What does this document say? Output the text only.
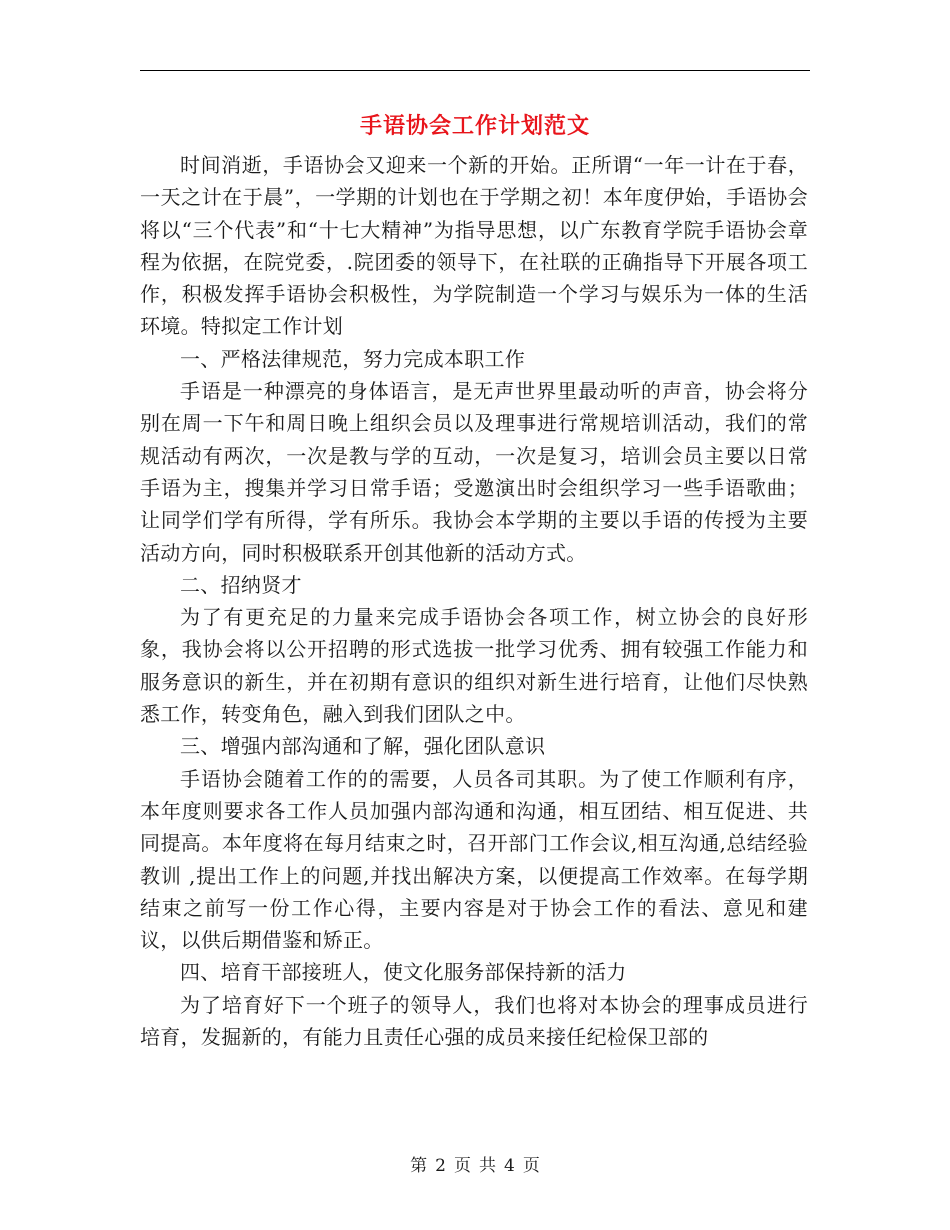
手语协会工作计划范文

时间消逝，手语协会又迎来一个新的开始。正所谓“一年一计在于春，一天之计在于晨”，一学期的计划也在于学期之初！本年度伊始，手语协会将以“三个代表”和“十七大精神”为指导思想，以广东教育学院手语协会章程为依据，在院党委，.院团委的领导下，在社联的正确指导下开展各项工作，积极发挥手语协会积极性，为学院制造一个学习与娱乐为一体的生活环境。特拟定工作计划

一、严格法律规范，努力完成本职工作

手语是一种漂亮的身体语言，是无声世界里最动听的声音，协会将分别在周一下午和周日晚上组织会员以及理事进行常规培训活动，我们的常规活动有两次，一次是教与学的互动，一次是复习，培训会员主要以日常手语为主，搜集并学习日常手语；受邀演出时会组织学习一些手语歌曲；让同学们学有所得，学有所乐。我协会本学期的主要以手语的传授为主要活动方向，同时积极联系开创其他新的活动方式。

二、招纳贤才

为了有更充足的力量来完成手语协会各项工作，树立协会的良好形象，我协会将以公开招聘的形式选拔一批学习优秀、拥有较强工作能力和服务意识的新生，并在初期有意识的组织对新生进行培育，让他们尽快熟悉工作，转变角色，融入到我们团队之中。

三、增强内部沟通和了解，强化团队意识

手语协会随着工作的的需要，人员各司其职。为了使工作顺利有序，本年度则要求各工作人员加强内部沟通和沟通，相互团结、相互促进、共同提高。本年度将在每月结束之时，召开部门工作会议,相互沟通,总结经验教训 ,提出工作上的问题,并找出解决方案，以便提高工作效率。在每学期结束之前写一份工作心得，主要内容是对于协会工作的看法、意见和建议，以供后期借鉴和矫正。

四、培育干部接班人，使文化服务部保持新的活力

为了培育好下一个班子的领导人，我们也将对本协会的理事成员进行培育，发掘新的，有能力且责任心强的成员来接任纪检保卫部的

第 2 页 共 4 页
